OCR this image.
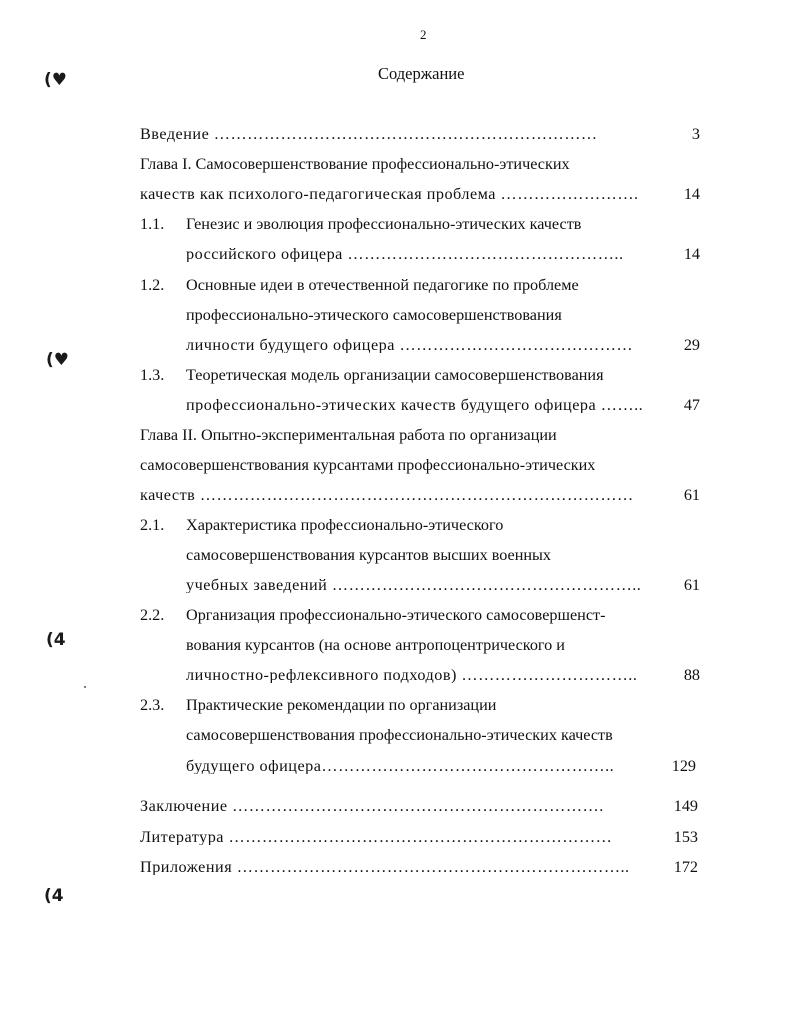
2
Содержание
(♥
(♥
(4
(4
Введение ……………………………………………………………	3
Глава I. Самосовершенствование профессионально-этических
качеств как психолого-педагогическая проблема …………………….	14
1.1. Генезис и эволюция профессионально-этических качеств
российского офицера …………………………………………..	14
1.2. Основные идеи в отечественной педагогике по проблеме
профессионально-этического самосовершенствования
личности будущего офицера ……………………………………	29
1.3. Теоретическая модель организации самосовершенствования
профессионально-этических качеств будущего офицера ……..	47
Глава II. Опытно-экспериментальная работа по организации
самосовершенствования курсантами профессионально-этических
качеств ……………………………………………………………………	61
2.1. Характеристика профессионально-этического
самосовершенствования курсантов высших военных
учебных заведений ………………………………………………..	61
2.2. Организация профессионально-этического самосовершенст-
вования курсантов (на основе антропоцентрического и
личностно-рефлексивного подходов) …………………………..	88
2.3. Практические рекомендации по организации
самосовершенствования профессионально-этических качеств
будущего офицера……………………………………………..	129
Заключение ………………………………………………………….	149
Литература ……………………………………………………………	153
Приложения ……………………………………………………………..	172
